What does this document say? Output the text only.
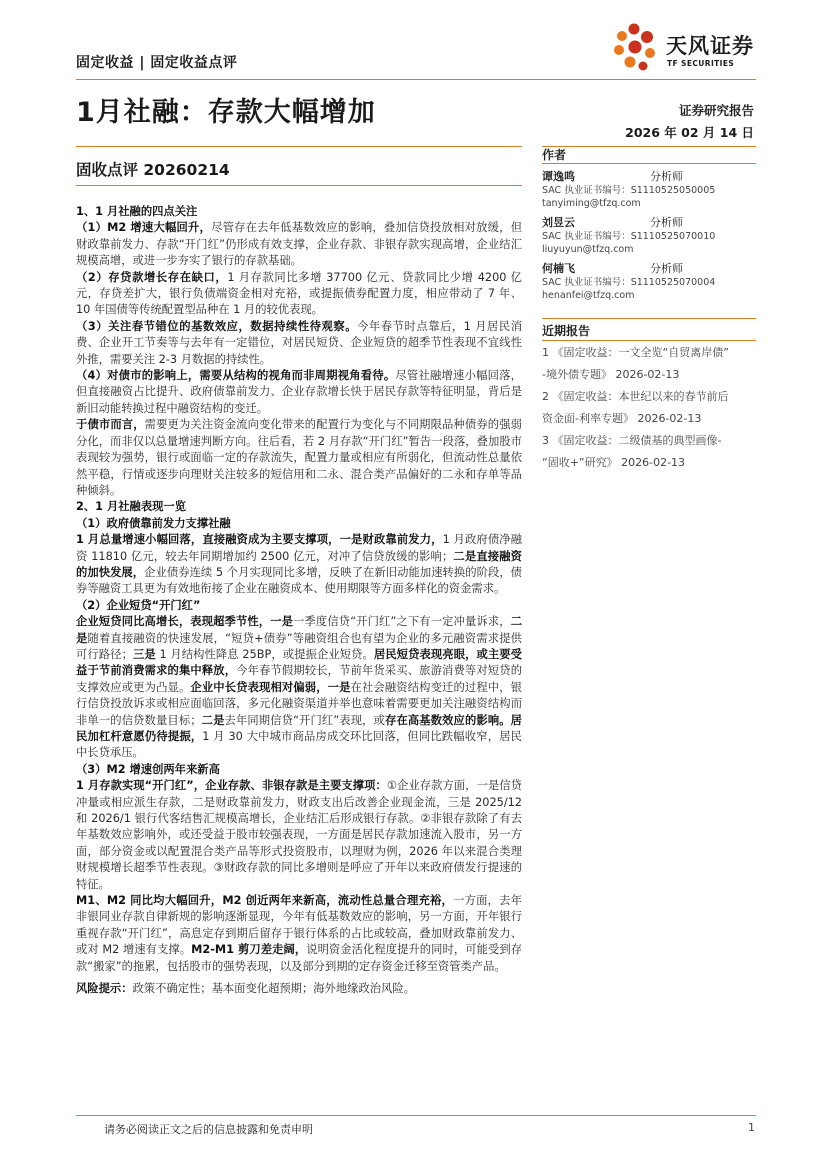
固定收益 | 固定收益点评
天风证券
TF SECURITIES
1月社融：存款大幅增加	证券研究报告
2026 年 02 月 14 日
固收点评 20260214
作者
谭逸鸣	分析师
SAC 执业证书编号：S1110525050005
tanyiming@tfzq.com
刘昱云	分析师
SAC 执业证书编号：S1110525070010
liuyuyun@tfzq.com
何楠飞	分析师
SAC 执业证书编号：S1110525070004
henanfei@tfzq.com
近期报告
1 《固定收益：一文全览“自贸离岸债”
-境外债专题》 2026-02-13
2 《固定收益：本世纪以来的春节前后
资金面-利率专题》 2026-02-13
3 《固定收益：二级债基的典型画像-
“固收+”研究》 2026-02-13

1、1 月社融的四点关注

（1）M2 增速大幅回升，尽管存在去年低基数效应的影响，叠加信贷投放相对放缓，但财政靠前发力、存款“开门红”仍形成有效支撑，企业存款、非银存款实现高增，企业结汇规模高增，或进一步夯实了银行的存款基础。

（2）存贷款增长存在缺口，1 月存款同比多增 37700 亿元、贷款同比少增 4200 亿元，存贷差扩大，银行负债端资金相对充裕，或提振债券配置力度，相应带动了 7 年、10 年国债等传统配置型品种在 1 月的较优表现。

（3）关注春节错位的基数效应，数据持续性待观察。今年春节时点靠后，1 月居民消费、企业开工节奏等与去年有一定错位，对居民短贷、企业短贷的超季节性表现不宜线性外推，需要关注 2-3 月数据的持续性。

（4）对债市的影响上，需要从结构的视角而非周期视角看待。尽管社融增速小幅回落，但直接融资占比提升、政府债靠前发力、企业存款增长快于居民存款等特征明显，背后是新旧动能转换过程中融资结构的变迁。

于债市而言，需要更为关注资金流向变化带来的配置行为变化与不同期限品种债券的强弱分化，而非仅以总量增速判断方向。往后看，若 2 月存款“开门红”暂告一段落，叠加股市表现较为强势，银行或面临一定的存款流失，配置力量或相应有所弱化，但流动性总量依然平稳，行情或逐步向理财关注较多的短信用和二永、混合类产品偏好的二永和存单等品种倾斜。

2、1 月社融表现一览

（1）政府债靠前发力支撑社融

1 月总量增速小幅回落，直接融资成为主要支撑项，一是财政靠前发力，1 月政府债净融资 11810 亿元，较去年同期增加约 2500 亿元，对冲了信贷放缓的影响；二是直接融资的加快发展，企业债券连续 5 个月实现同比多增，反映了在新旧动能加速转换的阶段，债券等融资工具更为有效地衔接了企业在融资成本、使用期限等方面多样化的资金需求。

（2）企业短贷“开门红”

企业短贷同比高增长，表现超季节性，一是一季度信贷“开门红”之下有一定冲量诉求，二是随着直接融资的快速发展，“短贷+债券”等融资组合也有望为企业的多元融资需求提供可行路径；三是 1 月结构性降息 25BP，或提振企业短贷。居民短贷表现亮眼，或主要受益于节前消费需求的集中释放，今年春节假期较长，节前年货采买、旅游消费等对短贷的支撑效应或更为凸显。企业中长贷表现相对偏弱，一是在社会融资结构变迁的过程中，银行信贷投放诉求或相应面临回落，多元化融资渠道并举也意味着需要更加关注融资结构而非单一的信贷数量目标；二是去年同期信贷“开门红”表现，或存在高基数效应的影响。居民加杠杆意愿仍待提振，1 月 30 大中城市商品房成交环比回落，但同比跌幅收窄，居民中长贷承压。

（3）M2 增速创两年来新高

1 月存款实现“开门红”，企业存款、非银存款是主要支撑项：①企业存款方面，一是信贷冲量或相应派生存款，二是财政靠前发力，财政支出后改善企业现金流，三是 2025/12 和 2026/1 银行代客结售汇规模高增长，企业结汇后形成银行存款。②非银存款除了有去年基数效应影响外，或还受益于股市较强表现，一方面是居民存款加速流入股市，另一方面，部分资金或以配置混合类产品等形式投资股市，以理财为例，2026 年以来混合类理财规模增长超季节性表现。③财政存款的同比多增则是呼应了开年以来政府债发行提速的特征。

M1、M2 同比均大幅回升，M2 创近两年来新高，流动性总量合理充裕，一方面，去年非银同业存款自律新规的影响逐渐显现，今年有低基数效应的影响，另一方面，开年银行重视存款“开门红”，高息定存到期后留存于银行体系的占比或较高，叠加财政靠前发力、或对 M2 增速有支撑。M2-M1 剪刀差走阔，说明资金活化程度提升的同时，可能受到存款“搬家”的拖累，包括股市的强势表现，以及部分到期的定存资金迁移至资管类产品。

风险提示：政策不确定性；基本面变化超预期；海外地缘政治风险。

请务必阅读正文之后的信息披露和免责申明	1
